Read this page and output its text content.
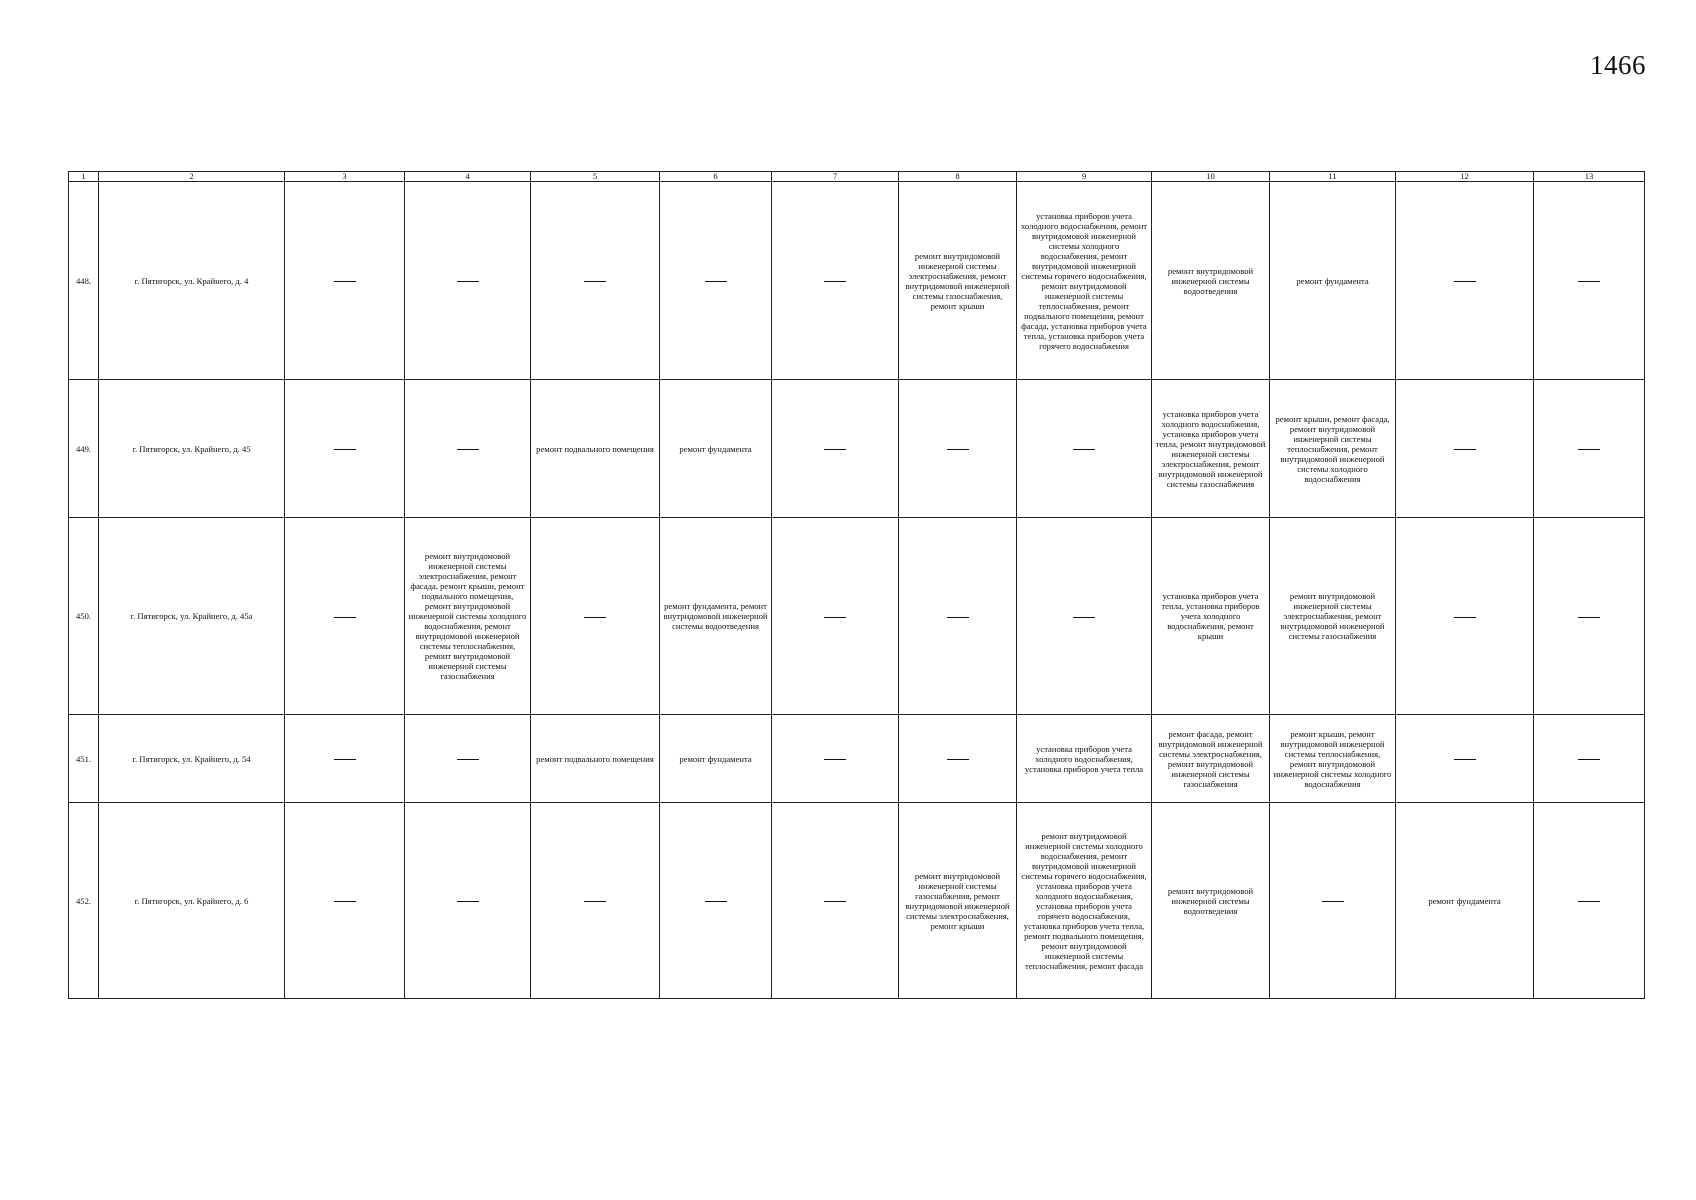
1466
1	2	3	4	5	6	7	8	9	10	11	12	13
448.	г. Пятигорск, ул. Крайнего, д. 4						ремонт внутридомовой инженерной системы электроснабжения, ремонт внутридомовой инженерной системы газоснабжения, ремонт крыши	установка приборов учета холодного водоснабжения, ремонт внутридомовой инженерной системы холодного водоснабжения, ремонт внутридомовой инженерной системы горячего водоснабжения, ремонт внутридомовой инженерной системы теплоснабжения, ремонт подвального помещения, ремонт фасада, установка приборов учета тепла, установка приборов учета горячего водоснабжения	ремонт внутридомовой инженерной системы водоотведения	ремонт фундамента		
449.	г. Пятигорск, ул. Крайнего, д. 45			ремонт подвального помещения	ремонт фундамента				установка приборов учета холодного водоснабжения, установка приборов учета тепла, ремонт внутридомовой инженерной системы электроснабжения, ремонт внутридомовой инженерной системы газоснабжения	ремонт крыши, ремонт фасада, ремонт внутридомовой инженерной системы теплоснабжения, ремонт внутридомовой инженерной системы холодного водоснабжения		
450.	г. Пятигорск, ул. Крайнего, д. 45а		ремонт внутридомовой инженерной системы электроснабжения, ремонт фасада, ремонт крыши, ремонт подвального помещения, ремонт внутридомовой инженерной системы холодного водоснабжения, ремонт внутридомовой инженерной системы теплоснабжения, ремонт внутридомовой инженерной системы газоснабжения		ремонт фундамента, ремонт внутридомовой инженерной системы водоотведения				установка приборов учета тепла, установка приборов учета холодного водоснабжения, ремонт крыши	ремонт внутридомовой инженерной системы электроснабжения, ремонт внутридомовой инженерной системы газоснабжения		
451.	г. Пятигорск, ул. Крайнего, д. 54			ремонт подвального помещения	ремонт фундамента			установка приборов учета холодного водоснабжения, установка приборов учета тепла	ремонт фасада, ремонт внутридомовой инженерной системы электроснабжения, ремонт внутридомовой инженерной системы газоснабжения	ремонт крыши, ремонт внутридомовой инженерной системы теплоснабжения, ремонт внутридомовой инженерной системы холодного водоснабжения		
452.	г. Пятигорск, ул. Крайнего, д. 6						ремонт внутридомовой инженерной системы газоснабжения, ремонт внутридомовой инженерной системы электроснабжения, ремонт крыши	ремонт внутридомовой инженерной системы холодного водоснабжения, ремонт внутридомовой инженерной системы горячего водоснабжения, установка приборов учета холодного водоснабжения, установка приборов учета горячего водоснабжения, установка приборов учета тепла, ремонт подвального помещения, ремонт внутридомовой инженерной системы теплоснабжения, ремонт фасада	ремонт внутридомовой инженерной системы водоотведения		ремонт фундамента	
